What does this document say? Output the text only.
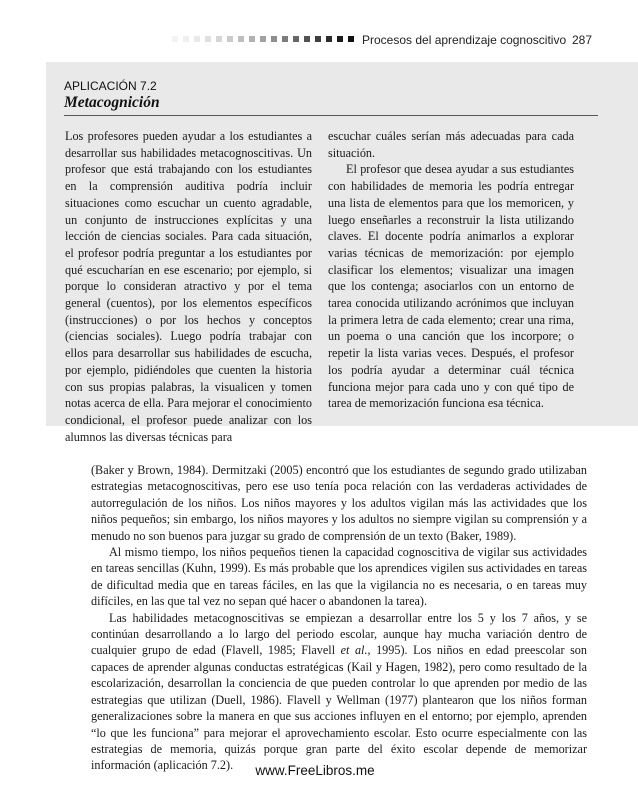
Procesos del aprendizaje cognoscitivo 287
APLICACIÓN 7.2
Metacognición

Los profesores pueden ayudar a los estudiantes a desarrollar sus habilidades metacognoscitivas. Un profesor que está trabajando con los estudiantes en la comprensión auditiva podría incluir situaciones como escuchar un cuento agradable, un conjunto de instrucciones explícitas y una lección de ciencias sociales. Para cada situación, el profesor podría preguntar a los estudiantes por qué escucharían en ese escenario; por ejemplo, si porque lo consideran atractivo y por el tema general (cuentos), por los elementos específicos (instrucciones) o por los hechos y conceptos (ciencias sociales). Luego podría trabajar con ellos para desarrollar sus habilidades de escucha, por ejemplo, pidiéndoles que cuenten la historia con sus propias palabras, la visualicen y tomen notas acerca de ella. Para mejorar el conocimiento condicional, el profesor puede analizar con los alumnos las diversas técnicas para

escuchar cuáles serían más adecuadas para cada situación.

El profesor que desea ayudar a sus estudiantes con habilidades de memoria les podría entregar una lista de elementos para que los memoricen, y luego enseñarles a reconstruir la lista utilizando claves. El docente podría animarlos a explorar varias técnicas de memorización: por ejemplo clasificar los elementos; visualizar una imagen que los contenga; asociarlos con un entorno de tarea conocida utilizando acrónimos que incluyan la primera letra de cada elemento; crear una rima, un poema o una canción que los incorpore; o repetir la lista varias veces. Después, el profesor los podría ayudar a determinar cuál técnica funciona mejor para cada uno y con qué tipo de tarea de memorización funciona esa técnica.

(Baker y Brown, 1984). Dermitzaki (2005) encontró que los estudiantes de segundo grado utilizaban estrategias metacognoscitivas, pero ese uso tenía poca relación con las verdaderas actividades de autorregulación de los niños. Los niños mayores y los adultos vigilan más las actividades que los niños pequeños; sin embargo, los niños mayores y los adultos no siempre vigilan su comprensión y a menudo no son buenos para juzgar su grado de comprensión de un texto (Baker, 1989).

Al mismo tiempo, los niños pequeños tienen la capacidad cognoscitiva de vigilar sus actividades en tareas sencillas (Kuhn, 1999). Es más probable que los aprendices vigilen sus actividades en tareas de dificultad media que en tareas fáciles, en las que la vigilancia no es necesaria, o en tareas muy difíciles, en las que tal vez no sepan qué hacer o abandonen la tarea).

Las habilidades metacognoscitivas se empiezan a desarrollar entre los 5 y los 7 años, y se continúan desarrollando a lo largo del periodo escolar, aunque hay mucha variación dentro de cualquier grupo de edad (Flavell, 1985; Flavell et al., 1995). Los niños en edad preescolar son capaces de aprender algunas conductas estratégicas (Kail y Hagen, 1982), pero como resultado de la escolarización, desarrollan la conciencia de que pueden controlar lo que aprenden por medio de las estrategias que utilizan (Duell, 1986). Flavell y Wellman (1977) plantearon que los niños forman generalizaciones sobre la manera en que sus acciones influyen en el entorno; por ejemplo, aprenden “lo que les funciona” para mejorar el aprovechamiento escolar. Esto ocurre especialmente con las estrategias de memoria, quizás porque gran parte del éxito escolar depende de memorizar información (aplicación 7.2).	www.FreeLibros.me
